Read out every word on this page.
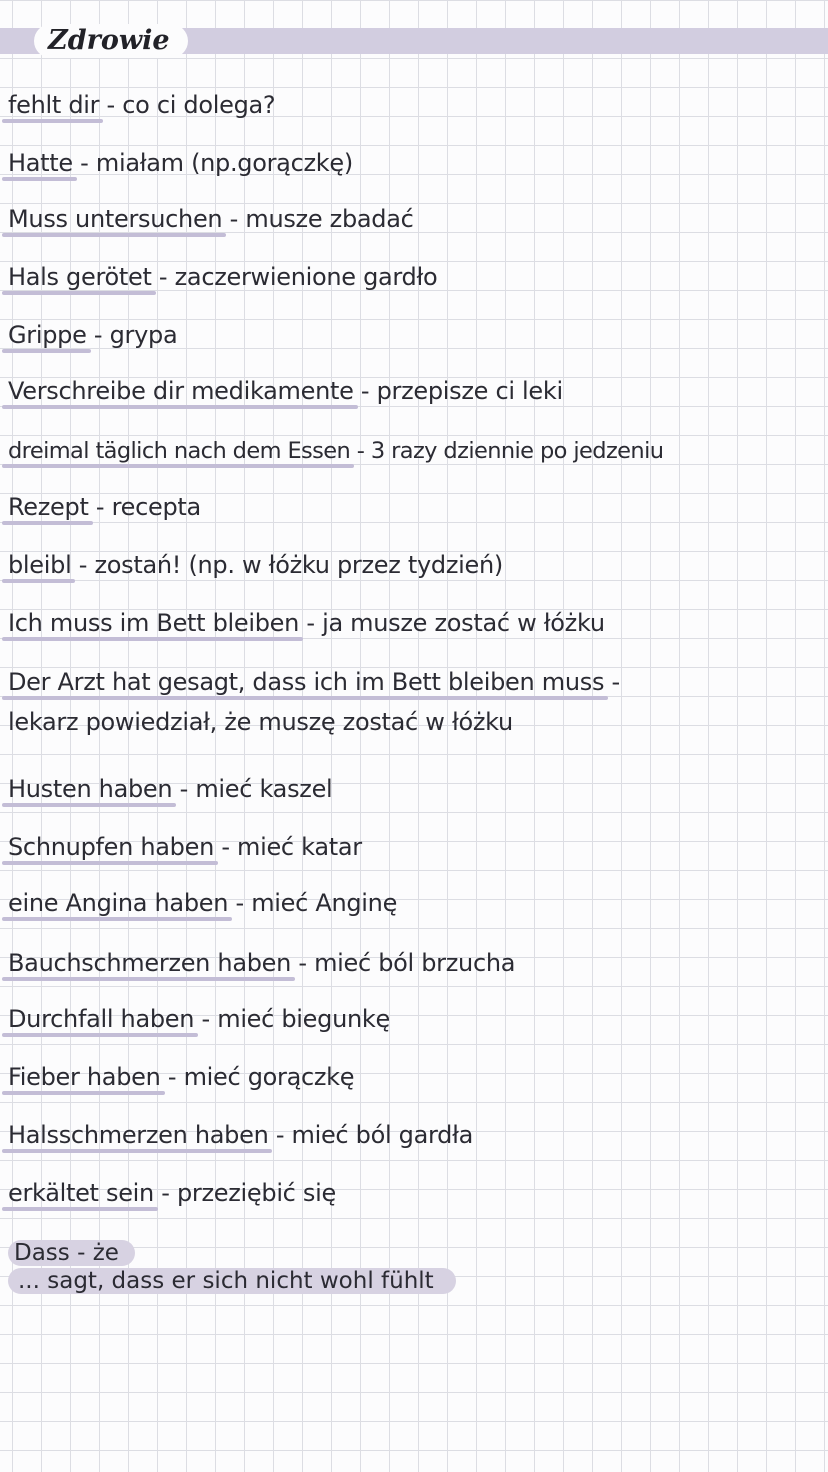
Zdrowie
fehlt dir - co ci dolega?
Hatte - miałam (np.gorączkę)
Muss untersuchen - musze zbadać
Hals gerötet - zaczerwienione gardło
Grippe - grypa
Verschreibe dir medikamente - przepisze ci leki
dreimal täglich nach dem Essen - 3 razy dziennie po jedzeniu
Rezept - recepta
bleibl - zostań! (np. w łóżku przez tydzień)
Ich muss im Bett bleiben - ja musze zostać w łóżku
Der Arzt hat gesagt, dass ich im Bett bleiben muss -
lekarz powiedział, że muszę zostać w łóżku
Husten haben - mieć kaszel
Schnupfen haben - mieć katar
eine Angina haben - mieć Anginę
Bauchschmerzen haben - mieć ból brzucha
Durchfall haben - mieć biegunkę
Fieber haben - mieć gorączkę
Halsschmerzen haben - mieć ból gardła
erkältet sein - przeziębić się
Dass - że
... sagt, dass er sich nicht wohl fühlt
